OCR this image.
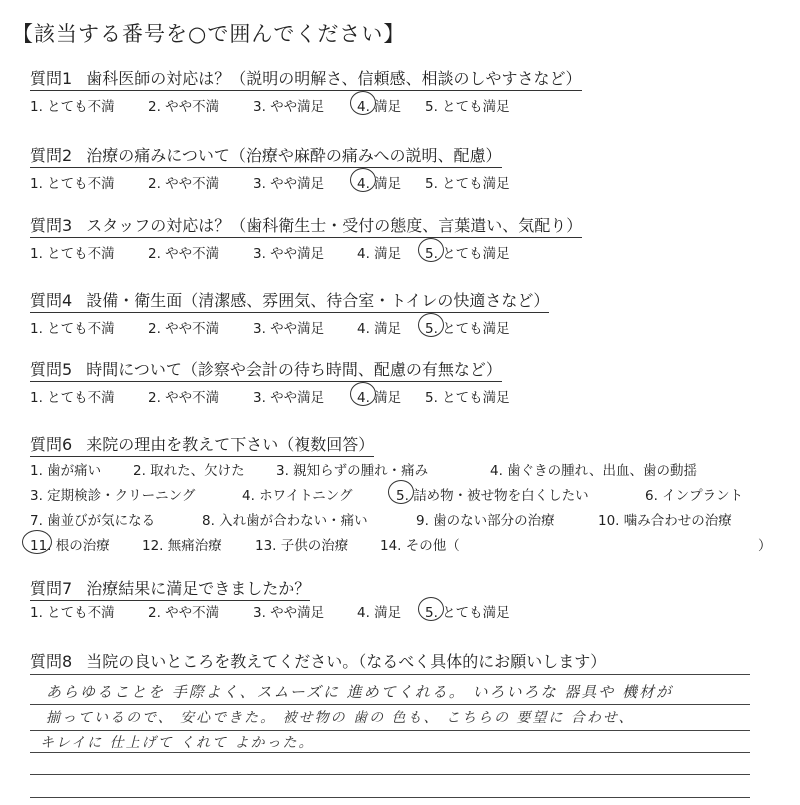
【該当する番号を○で囲んでください】
質問1 歯科医師の対応は？（説明の明解さ、信頼感、相談のしやすさなど）
1. とても不満 2. やや不満	3. やや満足 4. 満足 5. とても満足
質問2 治療の痛みについて（治療や麻酔の痛みへの説明、配慮）
1. とても不満 2. やや不満	3. やや満足 4. 満足 5. とても満足
質問3 スタッフの対応は？（歯科衛生士・受付の態度、言葉遣い、気配り）
1. とても不満 2. やや不満	3. やや満足 4. 満足 5. とても満足
質問4 設備・衛生面（清潔感、雰囲気、待合室・トイレの快適さなど）
1. とても不満 2. やや不満	3. やや満足 4. 満足 5. とても満足
質問5 時間について（診察や会計の待ち時間、配慮の有無など）
1. とても不満 2. やや不満	3. やや満足 4. 満足 5. とても満足
質問6 来院の理由を教えて下さい（複数回答）
1. 歯が痛い 2. 取れた、欠けた 3. 親知らずの腫れ・痛み	4. 歯ぐきの腫れ、出血、歯の動揺
3. 定期検診・クリーニング	4. ホワイトニング	5. 詰め物・被せ物を白くしたい	6. インプラント
7. 歯並びが気になる	8. 入れ歯が合わない・痛い	9. 歯のない部分の治療	10. 噛み合わせの治療
11. 根の治療 12. 無痛治療 13. 子供の治療 14. その他（	）
質問7 治療結果に満足できましたか？
1. とても不満 2. やや不満	3. やや満足 4. 満足 5. とても満足
質問8 当院の良いところを教えてください。（なるべく具体的にお願いします）
あらゆることを 手際よく、スムーズに 進めてくれる。 いろいろな 器具や 機材が
揃っているので、 安心できた。 被せ物の 歯の 色も、 こちらの 要望に 合わせ、
キレイに 仕上げて くれて よかった。
